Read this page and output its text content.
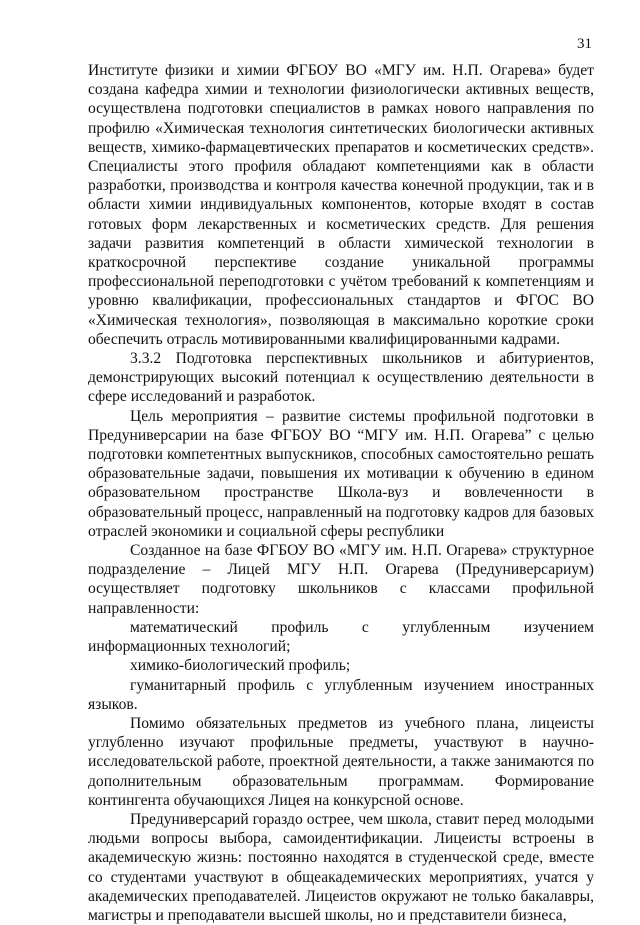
31

Институте физики и химии ФГБОУ ВО «МГУ им. Н.П. Огарева» будет создана кафедра химии и технологии физиологически активных веществ, осуществлена подготовки специалистов в рамках нового направления по профилю «Химическая технология синтетических биологически активных веществ, химико-фармацевтических препаратов и косметических средств». Специалисты этого профиля обладают компетенциями как в области разработки, производства и контроля качества конечной продукции, так и в области химии индивидуальных компонентов, которые входят в состав готовых форм лекарственных и косметических средств. Для решения задачи развития компетенций в области химической технологии в краткосрочной перспективе создание уникальной программы профессиональной переподготовки с учётом требований к компетенциям и уровню квалификации, профессиональных стандартов и ФГОС ВО «Химическая технология», позволяющая в максимально короткие сроки обеспечить отрасль мотивированными квалифицированными кадрами.

3.3.2 Подготовка перспективных школьников и абитуриентов, демонстрирующих высокий потенциал к осуществлению деятельности в сфере исследований и разработок.

Цель мероприятия – развитие системы профильной подготовки в Предуниверсарии на базе ФГБОУ ВО “МГУ им. Н.П. Огарева” с целью подготовки компетентных выпускников, способных самостоятельно решать образовательные задачи, повышения их мотивации к обучению в едином образовательном пространстве Школа-вуз и вовлеченности в образовательный процесс, направленный на подготовку кадров для базовых отраслей экономики и социальной сферы республики

Созданное на базе ФГБОУ ВО «МГУ им. Н.П. Огарева» структурное подразделение – Лицей МГУ Н.П. Огарева (Предуниверсариум) осуществляет подготовку школьников с классами профильной направленности:

математический профиль с углубленным изучением информационных технологий;

химико-биологический профиль;

гуманитарный профиль с углубленным изучением иностранных языков.

Помимо обязательных предметов из учебного плана, лицеисты углубленно изучают профильные предметы, участвуют в научно-исследовательской работе, проектной деятельности, а также занимаются по дополнительным образовательным программам. Формирование контингента обучающихся Лицея на конкурсной основе.

Предуниверсарий гораздо острее, чем школа, ставит перед молодыми людьми вопросы выбора, самоидентификации. Лицеисты встроены в академическую жизнь: постоянно находятся в студенческой среде, вместе со студентами участвуют в общеакадемических мероприятиях, учатся у академических преподавателей. Лицеистов окружают не только бакалавры, магистры и преподаватели высшей школы, но и представители бизнеса,
